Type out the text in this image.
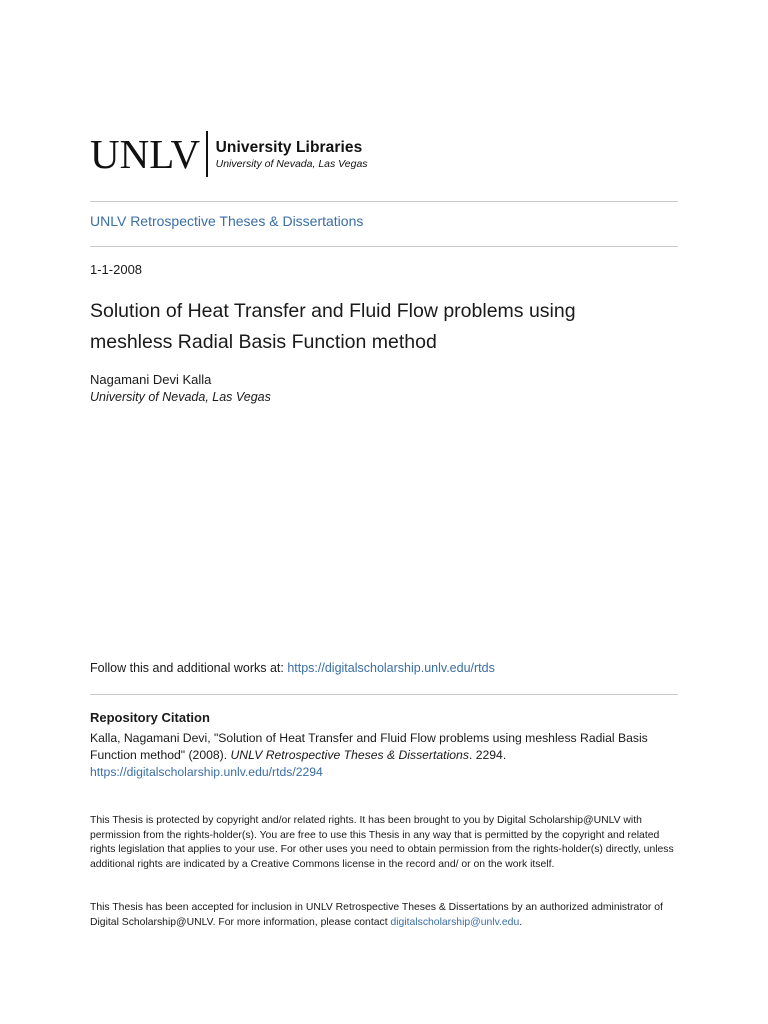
UNLV University Libraries
University of Nevada, Las Vegas
UNLV Retrospective Theses & Dissertations
1-1-2008
Solution of Heat Transfer and Fluid Flow problems using meshless Radial Basis Function method
Nagamani Devi Kalla
University of Nevada, Las Vegas
Follow this and additional works at: https://digitalscholarship.unlv.edu/rtds
Repository Citation
Kalla, Nagamani Devi, "Solution of Heat Transfer and Fluid Flow problems using meshless Radial Basis Function method" (2008). UNLV Retrospective Theses & Dissertations. 2294.
https://digitalscholarship.unlv.edu/rtds/2294
This Thesis is protected by copyright and/or related rights. It has been brought to you by Digital Scholarship@UNLV with permission from the rights-holder(s). You are free to use this Thesis in any way that is permitted by the copyright and related rights legislation that applies to your use. For other uses you need to obtain permission from the rights-holder(s) directly, unless additional rights are indicated by a Creative Commons license in the record and/ or on the work itself.
This Thesis has been accepted for inclusion in UNLV Retrospective Theses & Dissertations by an authorized administrator of Digital Scholarship@UNLV. For more information, please contact digitalscholarship@unlv.edu.
